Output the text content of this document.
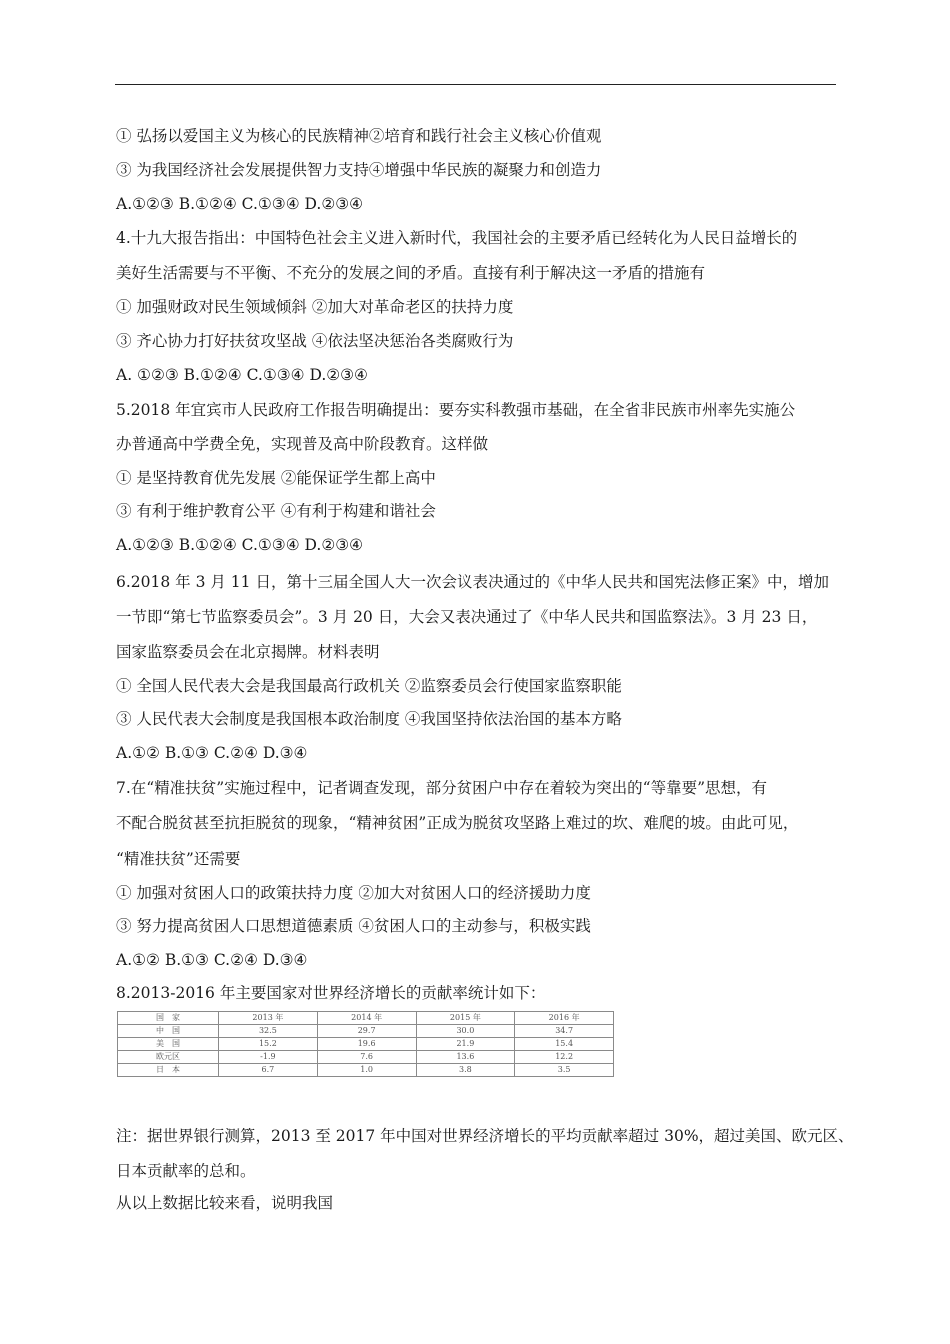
① 弘扬以爱国主义为核心的民族精神②培育和践行社会主义核心价值观
③ 为我国经济社会发展提供智力支持④增强中华民族的凝聚力和创造力
A.①②③ B.①②④ C.①③④ D.②③④
4.十九大报告指出：中国特色社会主义进入新时代，我国社会的主要矛盾已经转化为人民日益增长的
美好生活需要与不平衡、不充分的发展之间的矛盾。直接有利于解决这一矛盾的措施有
① 加强财政对民生领域倾斜 ②加大对革命老区的扶持力度
③ 齐心协力打好扶贫攻坚战 ④依法坚决惩治各类腐败行为
A. ①②③ B.①②④ C.①③④ D.②③④
5.2018 年宜宾市人民政府工作报告明确提出：要夯实科教强市基础，在全省非民族市州率先实施公
办普通高中学费全免，实现普及高中阶段教育。这样做
① 是坚持教育优先发展 ②能保证学生都上高中
③ 有利于维护教育公平 ④有利于构建和谐社会
A.①②③ B.①②④ C.①③④ D.②③④
6.2018 年 3 月 11 日，第十三届全国人大一次会议表决通过的《中华人民共和国宪法修正案》中，增加
一节即“第七节监察委员会”。3 月 20 日，大会又表决通过了《中华人民共和国监察法》。3 月 23 日，
国家监察委员会在北京揭牌。材料表明
① 全国人民代表大会是我国最高行政机关 ②监察委员会行使国家监察职能
③ 人民代表大会制度是我国根本政治制度 ④我国坚持依法治国的基本方略
A.①② B.①③ C.②④ D.③④
7.在“精准扶贫”实施过程中，记者调查发现，部分贫困户中存在着较为突出的“等靠要”思想，有
不配合脱贫甚至抗拒脱贫的现象，“精神贫困”正成为脱贫攻坚路上难过的坎、难爬的坡。由此可见，
“精准扶贫”还需要
① 加强对贫困人口的政策扶持力度 ②加大对贫困人口的经济援助力度
③ 努力提高贫困人口思想道德素质 ④贫困人口的主动参与，积极实践
A.①② B.①③ C.②④ D.③④
8.2013-2016 年主要国家对世界经济增长的贡献率统计如下：
国　家	2013 年	2014 年	2015 年	2016 年
中　国	32.5	29.7	30.0	34.7
美　国	15.2	19.6	21.9	15.4
欧元区	-1.9	7.6	13.6	12.2
日　本	6.7	1.0	3.8	3.5
注：据世界银行测算，2013 至 2017 年中国对世界经济增长的平均贡献率超过 30%，超过美国、欧元区、
日本贡献率的总和。
从以上数据比较来看，说明我国
